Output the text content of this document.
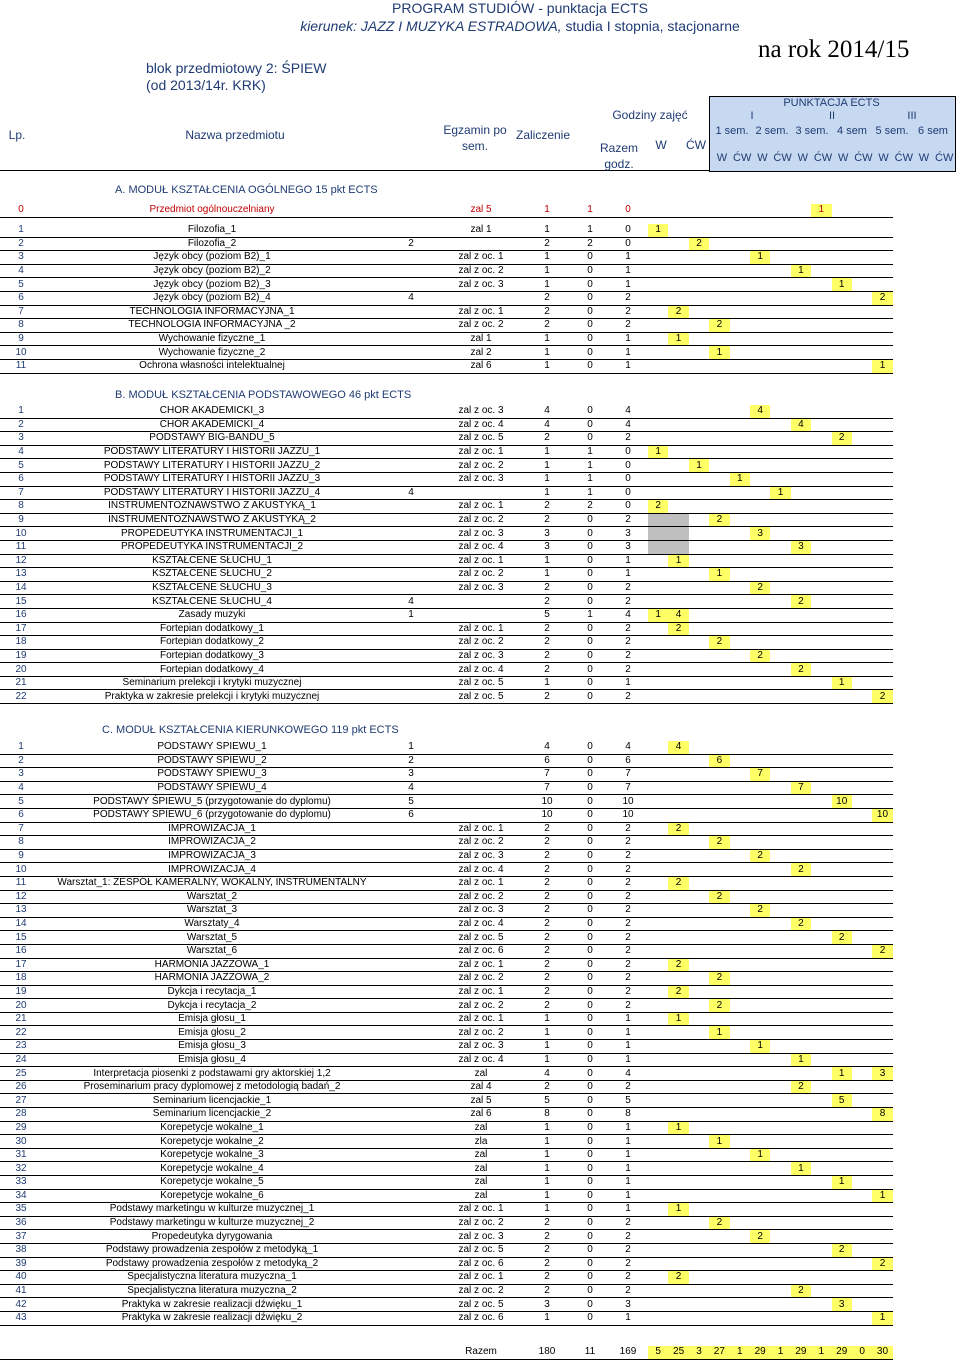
PROGRAM STUDIÓW - punktacja ECTS
kierunek: JAZZ I MUZYKA ESTRADOWA, studia I stopnia, stacjonarne
na rok 2014/15
blok przedmiotowy 2: ŚPIEW
(od 2013/14r. KRK)
PUNKTACJA ECTS
I	II	III
1 sem. 2 sem. 3 sem. 4 sem 5 sem. 6 sem
W ĆW W ĆW W ĆW W ĆW W ĆW W ĆW
Lp.	Nazwa przedmiotu	Egzamin po sem.
Zaliczenie
Godziny zajęć
Razem godz.
W	ĆW
A. MODUŁ KSZTAŁCENIA OGÓLNEGO 15 pkt ECTS
0	Przedmiot ogólnouczelniany		zal 5	1	1	0									1			
1	Filozofia_1		zal 1	1	1	0	1											
2	Filozofia_2	2		2	2	0			2									
3	Język obcy (poziom B2)_1		zal z oc. 1	1	0	1						1						
4	Język obcy (poziom B2)_2		zal z oc. 2	1	0	1								1				
5	Język obcy (poziom B2)_3		zal z oc. 3	1	0	1										1		
6	Język obcy (poziom B2)_4	4		2	0	2												2
7	TECHNOLOGIA INFORMACYJNA_1		zal z oc. 1	2	0	2		2										
8	TECHNOLOGIA INFORMACYJNA _2		zal z oc. 2	2	0	2				2								
9	Wychowanie fizyczne_1		zal 1	1	0	1		1										
10	Wychowanie fizyczne_2		zal 2	1	0	1				1								
11	Ochrona własności intelektualnej		zal 6	1	0	1												1
B. MODUŁ KSZTAŁCENIA PODSTAWOWEGO 46 pkt ECTS
1	CHÓR AKADEMICKI_3		zal z oc. 3	4	0	4						4						
2	CHÓR AKADEMICKI_4		zal z oc. 4	4	0	4								4				
3	PODSTAWY BIG-BANDU_5		zal z oc. 5	2	0	2										2		
4	PODSTAWY LITERATURY I HISTORII JAZZU_1		zal z oc. 1	1	1	0	1											
5	PODSTAWY LITERATURY I HISTORII JAZZU_2		zal z oc. 2	1	1	0			1									
6	PODSTAWY LITERATURY I HISTORII JAZZU_3		zal z oc. 3	1	1	0					1							
7	PODSTAWY LITERATURY I HISTORII JAZZU_4	4		1	1	0							1					
8	INSTRUMENTOZNAWSTWO Z AKUSTYKĄ_1		zal z oc. 1	2	2	0	2											
9	INSTRUMENTOZNAWSTWO Z AKUSTYKĄ_2		zal z oc. 2	2	0	2				2								
10	PROPEDEUTYKA INSTRUMENTACJI_1		zal z oc. 3	3	0	3						3						
11	PROPEDEUTYKA INSTRUMENTACJI_2		zal z oc. 4	3	0	3								3				
12	KSZTAŁCENE SŁUCHU_1		zal z oc. 1	1	0	1		1										
13	KSZTAŁCENE SŁUCHU_2		zal z oc. 2	1	0	1				1								
14	KSZTAŁCENE SŁUCHU_3		zal z oc. 3	2	0	2						2						
15	KSZTAŁCENE SŁUCHU_4	4		2	0	2								2				
16	Zasady muzyki	1		5	1	4	1	4										
17	Fortepian dodatkowy_1		zal z oc. 1	2	0	2		2										
18	Fortepian dodatkowy_2		zal z oc. 2	2	0	2				2								
19	Fortepian dodatkowy_3		zal z oc. 3	2	0	2						2						
20	Fortepian dodatkowy_4		zal z oc. 4	2	0	2								2				
21	Seminarium prelekcji i krytyki muzycznej		zal z oc. 5	1	0	1										1		
22	Praktyka w zakresie prelekcji i krytyki muzycznej		zal z oc. 5	2	0	2												2
C. MODUŁ KSZTAŁCENIA KIERUNKOWEGO 119 pkt ECTS
1	PODSTAWY ŚPIEWU_1	1		4	0	4		4										
2	PODSTAWY ŚPIEWU_2	2		6	0	6				6								
3	PODSTAWY ŚPIEWU_3	3		7	0	7						7						
4	PODSTAWY ŚPIEWU_4	4		7	0	7								7				
5	PODSTAWY ŚPIEWU_5 (przygotowanie do dyplomu)	5		10	0	10										10		
6	PODSTAWY ŚPIEWU_6 (przygotowanie do dyplomu)	6		10	0	10												10
7	IMPROWIZACJA_1		zal z oc. 1	2	0	2		2										
8	IMPROWIZACJA_2		zal z oc. 2	2	0	2				2								
9	IMPROWIZACJA_3		zal z oc. 3	2	0	2						2						
10	IMPROWIZACJA_4		zal z oc. 4	2	0	2								2				
11	Warsztat_1: ZESPÓŁ KAMERALNY, WOKALNY, INSTRUMENTALNY		zal z oc. 1	2	0	2		2										
12	Warsztat_2		zal z oc. 2	2	0	2				2								
13	Warsztat_3		zal z oc. 3	2	0	2						2						
14	Warsztaty_4		zal z oc. 4	2	0	2								2				
15	Warsztat_5		zal z oc. 5	2	0	2										2		
16	Warsztat_6		zal z oc. 6	2	0	2												2
17	HARMONIA JAZZOWA_1		zal z oc. 1	2	0	2		2										
18	HARMONIA JAZZOWA_2		zal z oc. 2	2	0	2				2								
19	Dykcja i recytacja_1		zal z oc. 1	2	0	2		2										
20	Dykcja i recytacja_2		zal z oc. 2	2	0	2				2								
21	Emisja głosu_1		zal z oc. 1	1	0	1		1										
22	Emisja głosu_2		zal z oc. 2	1	0	1				1								
23	Emisja głosu_3		zal z oc. 3	1	0	1						1						
24	Emisja głosu_4		zal z oc. 4	1	0	1								1				
25	Interpretacja piosenki z podstawami gry aktorskiej 1,2		zal	4	0	4										1		3
26	Proseminarium pracy dyplomowej z metodologią badań_2		zal 4	2	0	2								2				
27	Seminarium licencjackie_1		zal 5	5	0	5										5		
28	Seminarium licencjackie_2		zal 6	8	0	8												8
29	Korepetycje wokalne_1		zal	1	0	1		1										
30	Korepetycje wokalne_2		zla	1	0	1				1								
31	Korepetycje wokalne_3		zal	1	0	1						1						
32	Korepetycje wokalne_4		zal	1	0	1								1				
33	Korepetycje wokalne_5		zal	1	0	1										1		
34	Korepetycje wokalne_6		zal	1	0	1												1
35	Podstawy marketingu w kulturze muzycznej_1		zal z oc. 1	1	0	1		1										
36	Podstawy marketingu w kulturze muzycznej_2		zal z oc. 2	2	0	2				2								
37	Propedeutyka dyrygowania		zal z oc. 3	2	0	2						2						
38	Podstawy prowadzenia zespołów z metodyką_1		zal z oc. 5	2	0	2										2		
39	Podstawy prowadzenia zespołów z metodyką_2		zal z oc. 6	2	0	2												2
40	Specjalistyczna literatura muzyczna_1		zal z oc. 1	2	0	2		2										
41	Specjalistyczna literatura muzyczna_2		zal z oc. 2	2	0	2								2				
42	Praktyka w zakresie realizacji dźwięku_1		zal z oc. 5	3	0	3										3		
43	Praktyka w zakresie realizacji dźwięku_2		zal z oc. 6	1	0	1												1
			Razem	180	11	169	5	25	3	27	1	29	1	29	1	29	0	30
